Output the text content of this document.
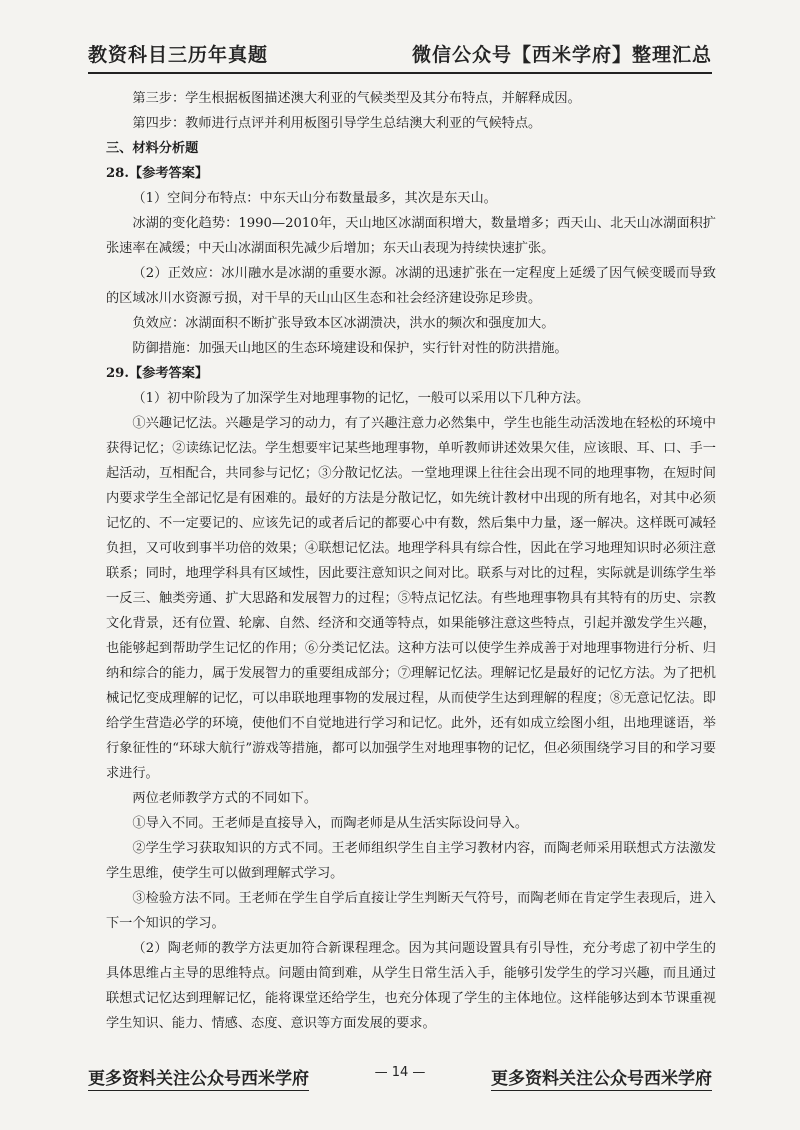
教资科目三历年真题	微信公众号【西米学府】整理汇总

第三步：学生根据板图描述澳大利亚的气候类型及其分布特点，并解释成因。

第四步：教师进行点评并利用板图引导学生总结澳大利亚的气候特点。

三、材料分析题

28.【参考答案】

（1）空间分布特点：中东天山分布数量最多，其次是东天山。

冰湖的变化趋势：1990—2010年，天山地区冰湖面积增大，数量增多；西天山、北天山冰湖面积扩张速率在减缓；中天山冰湖面积先减少后增加；东天山表现为持续快速扩张。

（2）正效应：冰川融水是冰湖的重要水源。冰湖的迅速扩张在一定程度上延缓了因气候变暖而导致的区域冰川水资源亏损，对干旱的天山山区生态和社会经济建设弥足珍贵。

负效应：冰湖面积不断扩张导致本区冰湖溃决，洪水的频次和强度加大。

防御措施：加强天山地区的生态环境建设和保护，实行针对性的防洪措施。

29.【参考答案】

（1）初中阶段为了加深学生对地理事物的记忆，一般可以采用以下几种方法。

①兴趣记忆法。兴趣是学习的动力，有了兴趣注意力必然集中，学生也能生动活泼地在轻松的环境中获得记忆；②读练记忆法。学生想要牢记某些地理事物，单听教师讲述效果欠佳，应该眼、耳、口、手一起活动，互相配合，共同参与记忆；③分散记忆法。一堂地理课上往往会出现不同的地理事物，在短时间内要求学生全部记忆是有困难的。最好的方法是分散记忆，如先统计教材中出现的所有地名，对其中必须记忆的、不一定要记的、应该先记的或者后记的都要心中有数，然后集中力量，逐一解决。这样既可减轻负担，又可收到事半功倍的效果；④联想记忆法。地理学科具有综合性，因此在学习地理知识时必须注意联系；同时，地理学科具有区域性，因此要注意知识之间对比。联系与对比的过程，实际就是训练学生举一反三、触类旁通、扩大思路和发展智力的过程；⑤特点记忆法。有些地理事物具有其特有的历史、宗教文化背景，还有位置、轮廓、自然、经济和交通等特点，如果能够注意这些特点，引起并激发学生兴趣，也能够起到帮助学生记忆的作用；⑥分类记忆法。这种方法可以使学生养成善于对地理事物进行分析、归纳和综合的能力，属于发展智力的重要组成部分；⑦理解记忆法。理解记忆是最好的记忆方法。为了把机械记忆变成理解的记忆，可以串联地理事物的发展过程，从而使学生达到理解的程度；⑧无意记忆法。即给学生营造必学的环境，使他们不自觉地进行学习和记忆。此外，还有如成立绘图小组，出地理谜语，举行象征性的“环球大航行”游戏等措施，都可以加强学生对地理事物的记忆，但必须围绕学习目的和学习要求进行。

两位老师教学方式的不同如下。

①导入不同。王老师是直接导入，而陶老师是从生活实际设问导入。

②学生学习获取知识的方式不同。王老师组织学生自主学习教材内容，而陶老师采用联想式方法激发学生思维，使学生可以做到理解式学习。

③检验方法不同。王老师在学生自学后直接让学生判断天气符号，而陶老师在肯定学生表现后，进入下一个知识的学习。

（2）陶老师的教学方法更加符合新课程理念。因为其问题设置具有引导性，充分考虑了初中学生的具体思维占主导的思维特点。问题由简到难，从学生日常生活入手，能够引发学生的学习兴趣，而且通过联想式记忆达到理解记忆，能将课堂还给学生，也充分体现了学生的主体地位。这样能够达到本节课重视学生知识、能力、情感、态度、意识等方面发展的要求。

更多资料关注公众号西米学府	— 14 —	更多资料关注公众号西米学府
